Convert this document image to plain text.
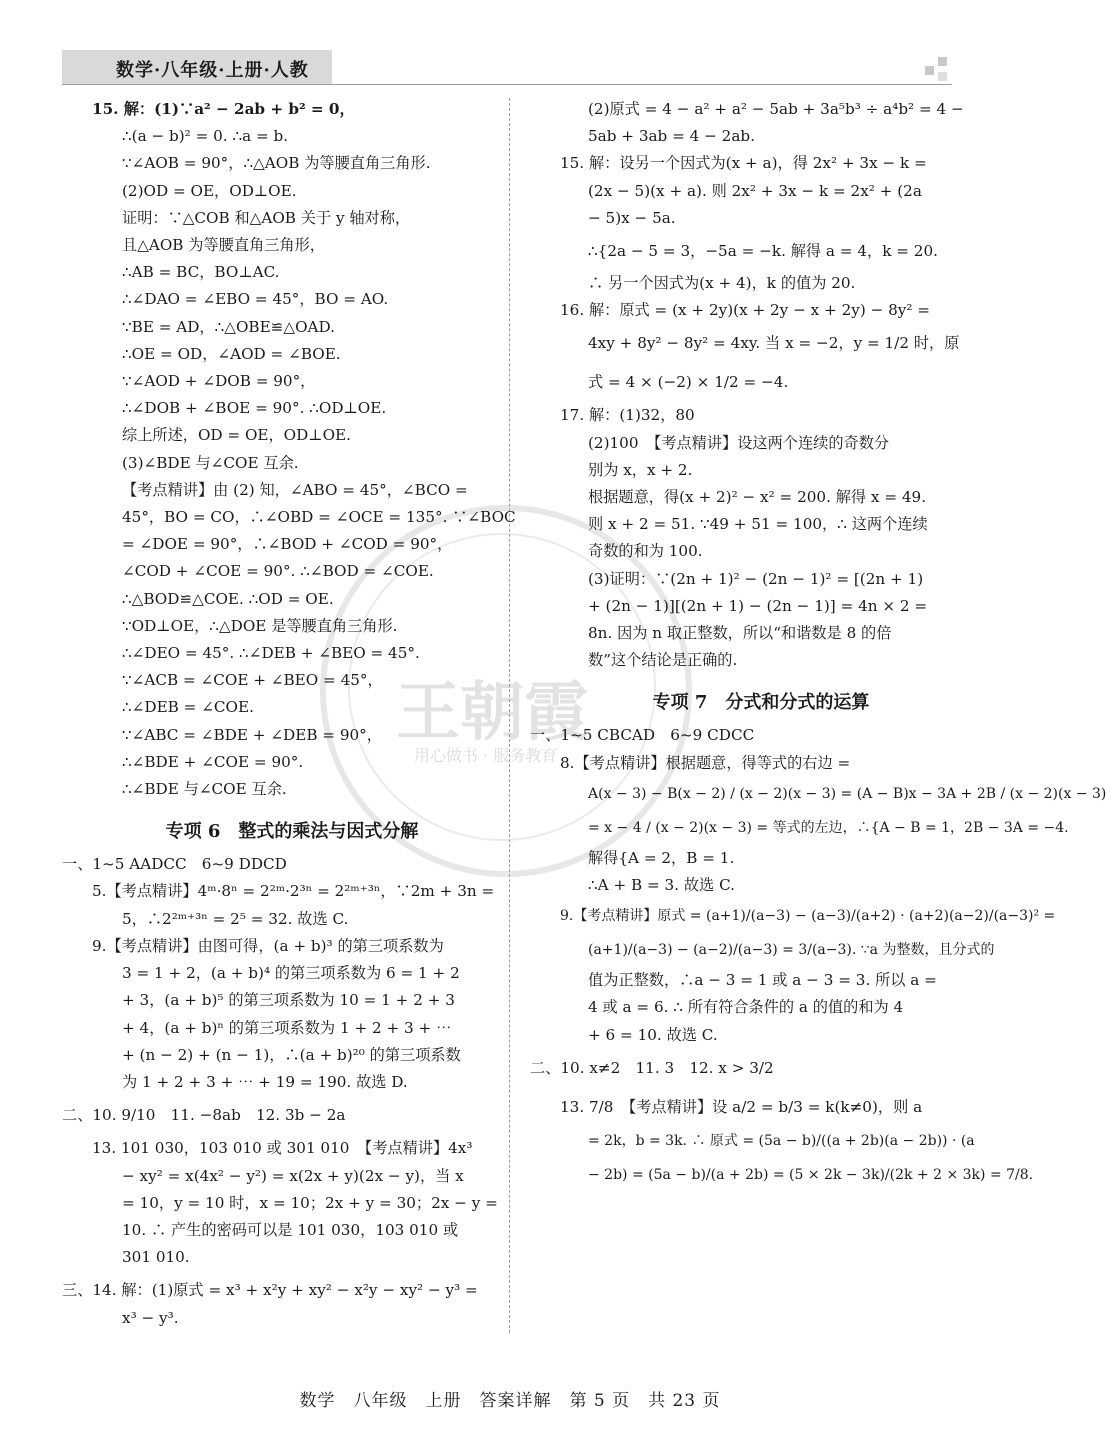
数学·八年级·上册·人教
王朝霞
用心做书 · 服务教育
15. 解：(1)∵a² − 2ab + b² = 0，
∴(a − b)² = 0. ∴a = b.
∵∠AOB = 90°，∴△AOB 为等腰直角三角形.
(2)OD = OE，OD⊥OE.
证明：∵△COB 和△AOB 关于 y 轴对称，
且△AOB 为等腰直角三角形，
∴AB = BC，BO⊥AC.
∴∠DAO = ∠EBO = 45°，BO = AO.
∵BE = AD，∴△OBE≌△OAD.
∴OE = OD，∠AOD = ∠BOE.
∵∠AOD + ∠DOB = 90°，
∴∠DOB + ∠BOE = 90°. ∴OD⊥OE.
综上所述，OD = OE，OD⊥OE.
(3)∠BDE 与∠COE 互余.
【考点精讲】由 (2) 知，∠ABO = 45°，∠BCO =
45°，BO = CO，∴∠OBD = ∠OCE = 135°. ∵∠BOC
= ∠DOE = 90°，∴∠BOD + ∠COD = 90°，
∠COD + ∠COE = 90°. ∴∠BOD = ∠COE.
∴△BOD≌△COE. ∴OD = OE.
∵OD⊥OE，∴△DOE 是等腰直角三角形.
∴∠DEO = 45°. ∴∠DEB + ∠BEO = 45°.
∵∠ACB = ∠COE + ∠BEO = 45°，
∴∠DEB = ∠COE.
∵∠ABC = ∠BDE + ∠DEB = 90°，
∴∠BDE + ∠COE = 90°.
∴∠BDE 与∠COE 互余.
专项 6　整式的乘法与因式分解
一、1~5 AADCC　6~9 DDCD
5.【考点精讲】4ᵐ·8ⁿ = 2²ᵐ·2³ⁿ = 2²ᵐ⁺³ⁿ，∵2m + 3n =
5，∴2²ᵐ⁺³ⁿ = 2⁵ = 32. 故选 C.
9.【考点精讲】由图可得，(a + b)³ 的第三项系数为
3 = 1 + 2，(a + b)⁴ 的第三项系数为 6 = 1 + 2
+ 3，(a + b)⁵ 的第三项系数为 10 = 1 + 2 + 3
+ 4，(a + b)ⁿ 的第三项系数为 1 + 2 + 3 + ⋯
+ (n − 2) + (n − 1)，∴(a + b)²⁰ 的第三项系数
为 1 + 2 + 3 + ⋯ + 19 = 190. 故选 D.
二、10. 9/10　11. −8ab　12. 3b − 2a
13. 101 030，103 010 或 301 010　【考点精讲】4x³
− xy² = x(4x² − y²) = x(2x + y)(2x − y)，当 x
= 10，y = 10 时，x = 10；2x + y = 30；2x − y =
10. ∴ 产生的密码可以是 101 030，103 010 或
301 010.
三、14. 解：(1)原式 = x³ + x²y + xy² − x²y − xy² − y³ =
x³ − y³.
(2)原式 = 4 − a² + a² − 5ab + 3a⁵b³ ÷ a⁴b² = 4 −
5ab + 3ab = 4 − 2ab.
15. 解：设另一个因式为(x + a)，得 2x² + 3x − k =
(2x − 5)(x + a). 则 2x² + 3x − k = 2x² + (2a
− 5)x − 5a.
∴{2a − 5 = 3，−5a = −k. 解得 a = 4，k = 20.
∴ 另一个因式为(x + 4)，k 的值为 20.
16. 解：原式 = (x + 2y)(x + 2y − x + 2y) − 8y² =
4xy + 8y² − 8y² = 4xy. 当 x = −2，y = 1/2 时，原
式 = 4 × (−2) × 1/2 = −4.
17. 解：(1)32，80
(2)100　【考点精讲】设这两个连续的奇数分
别为 x，x + 2.
根据题意，得(x + 2)² − x² = 200. 解得 x = 49.
则 x + 2 = 51. ∵49 + 51 = 100，∴ 这两个连续
奇数的和为 100.
(3)证明：∵(2n + 1)² − (2n − 1)² = [(2n + 1)
+ (2n − 1)][(2n + 1) − (2n − 1)] = 4n × 2 =
8n. 因为 n 取正整数，所以“和谐数是 8 的倍
数”这个结论是正确的.
专项 7　分式和分式的运算
一、1~5 CBCAD　6~9 CDCC
8.【考点精讲】根据题意，得等式的右边 =
A(x − 3) − B(x − 2) / (x − 2)(x − 3) = (A − B)x − 3A + 2B / (x − 2)(x − 3)
= x − 4 / (x − 2)(x − 3) = 等式的左边，∴{A − B = 1，2B − 3A = −4.
解得{A = 2，B = 1.
∴A + B = 3. 故选 C.
9.【考点精讲】原式 = (a+1)/(a−3) − (a−3)/(a+2) · (a+2)(a−2)/(a−3)² =
(a+1)/(a−3) − (a−2)/(a−3) = 3/(a−3). ∵a 为整数，且分式的
值为正整数，∴a − 3 = 1 或 a − 3 = 3. 所以 a =
4 或 a = 6. ∴ 所有符合条件的 a 的值的和为 4
+ 6 = 10. 故选 C.
二、10. x≠2　11. 3　12. x > 3/2
13. 7/8　【考点精讲】设 a/2 = b/3 = k(k≠0)，则 a
= 2k，b = 3k. ∴ 原式 = (5a − b)/((a + 2b)(a − 2b)) · (a
− 2b) = (5a − b)/(a + 2b) = (5 × 2k − 3k)/(2k + 2 × 3k) = 7/8.
数学　八年级　上册　答案详解　第 5 页　共 23 页
